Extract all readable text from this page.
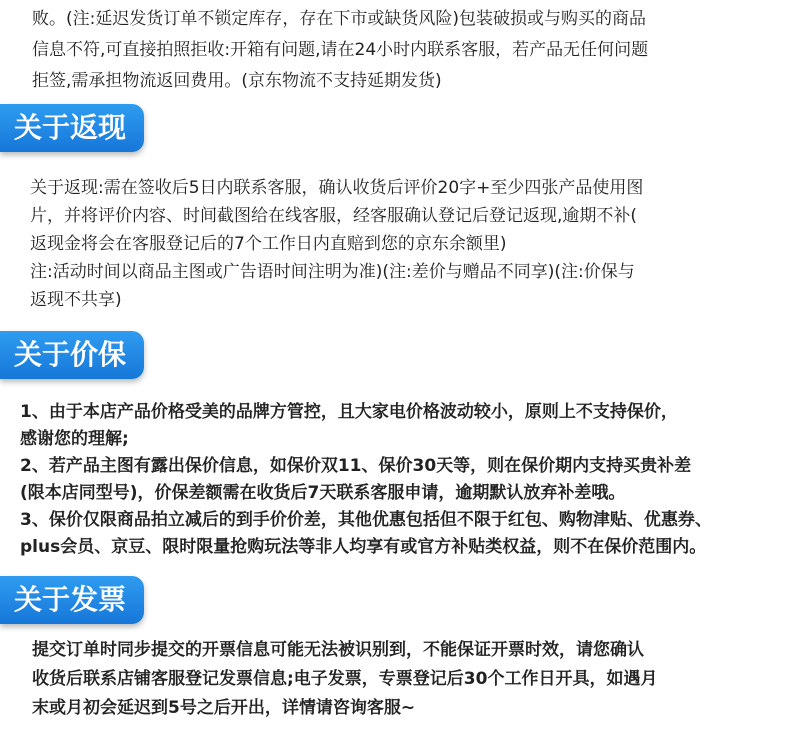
败。(注:延迟发货订单不锁定库存，存在下市或缺货风险)包装破损或与购买的商品
信息不符,可直接拍照拒收:开箱有问题,请在24小时内联系客服，若产品无任何问题
拒签,需承担物流返回费用。(京东物流不支持延期发货)
关于返现
关于返现:需在签收后5日内联系客服，确认收货后评价20字+至少四张产品使用图
片，并将评价内容、时间截图给在线客服，经客服确认登记后登记返现,逾期不补(
返现金将会在客服登记后的7个工作日内直赔到您的京东余额里)
注:活动时间以商品主图或广告语时间注明为准)(注:差价与赠品不同享)(注:价保与
返现不共享)
关于价保
1、由于本店产品价格受美的品牌方管控，且大家电价格波动较小，原则上不支持保价，
感谢您的理解;
2、若产品主图有露出保价信息，如保价双11、保价30天等，则在保价期内支持买贵补差
(限本店同型号)，价保差额需在收货后7天联系客服申请，逾期默认放弃补差哦。
3、保价仅限商品拍立减后的到手价价差，其他优惠包括但不限于红包、购物津贴、优惠券、
plus会员、京豆、限时限量抢购玩法等非人均享有或官方补贴类权益，则不在保价范围内。
关于发票
提交订单时同步提交的开票信息可能无法被识别到，不能保证开票时效，请您确认
收货后联系店铺客服登记发票信息;电子发票，专票登记后30个工作日开具，如遇月
末或月初会延迟到5号之后开出，详情请咨询客服~
